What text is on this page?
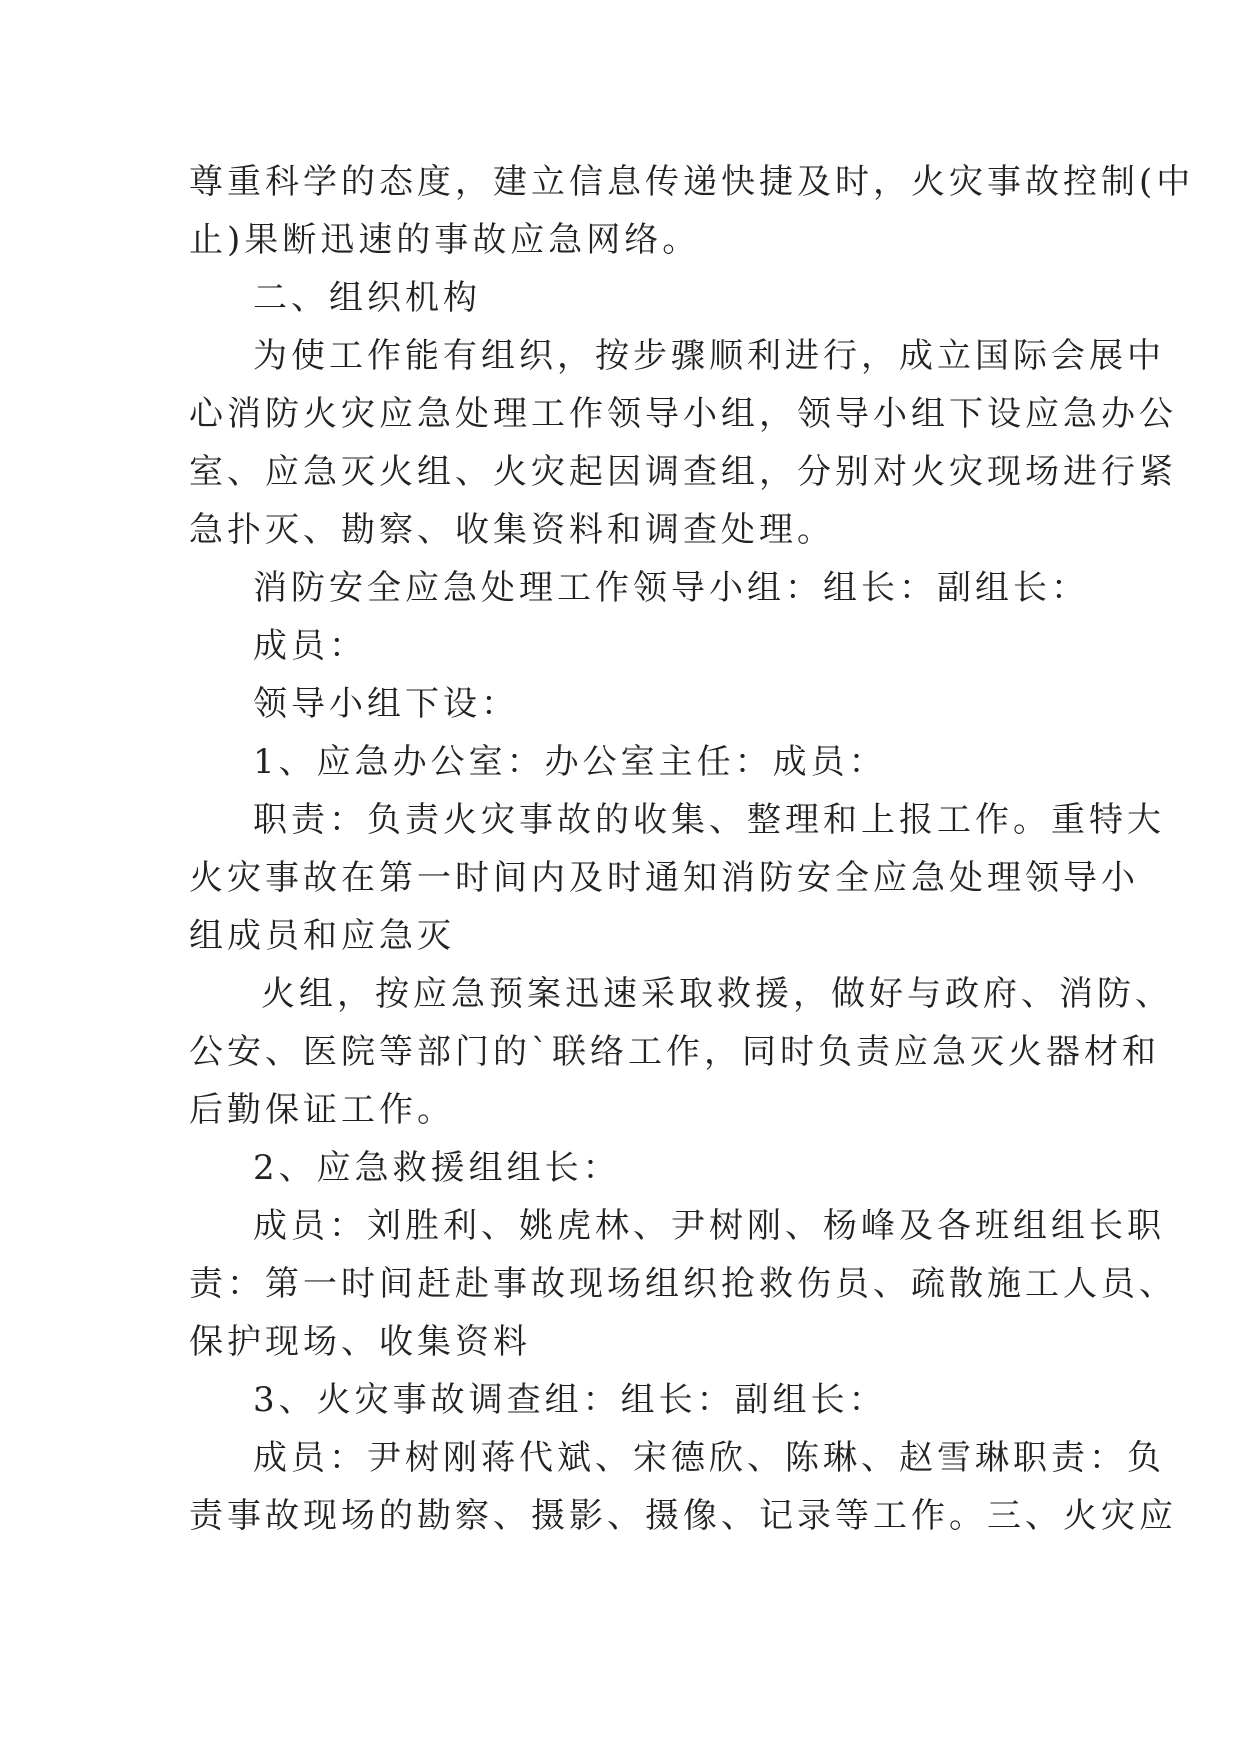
尊重科学的态度，建立信息传递快捷及时，火灾事故控制(中
止)果断迅速的事故应急网络。
二、组织机构
为使工作能有组织，按步骤顺利进行，成立国际会展中
心消防火灾应急处理工作领导小组，领导小组下设应急办公
室、应急灭火组、火灾起因调查组，分别对火灾现场进行紧
急扑灭、勘察、收集资料和调查处理。
消防安全应急处理工作领导小组：组长：副组长：
成员：
领导小组下设：
1、应急办公室：办公室主任：成员：
职责：负责火灾事故的收集、整理和上报工作。重特大
火灾事故在第一时间内及时通知消防安全应急处理领导小
组成员和应急灭
火组，按应急预案迅速采取救援，做好与政府、消防、
公安、医院等部门的`联络工作，同时负责应急灭火器材和
后勤保证工作。
2、应急救援组组长：
成员：刘胜利、姚虎林、尹树刚、杨峰及各班组组长职
责：第一时间赶赴事故现场组织抢救伤员、疏散施工人员、
保护现场、收集资料
3、火灾事故调查组：组长：副组长：
成员：尹树刚蒋代斌、宋德欣、陈琳、赵雪琳职责：负
责事故现场的勘察、摄影、摄像、记录等工作。三、火灾应
